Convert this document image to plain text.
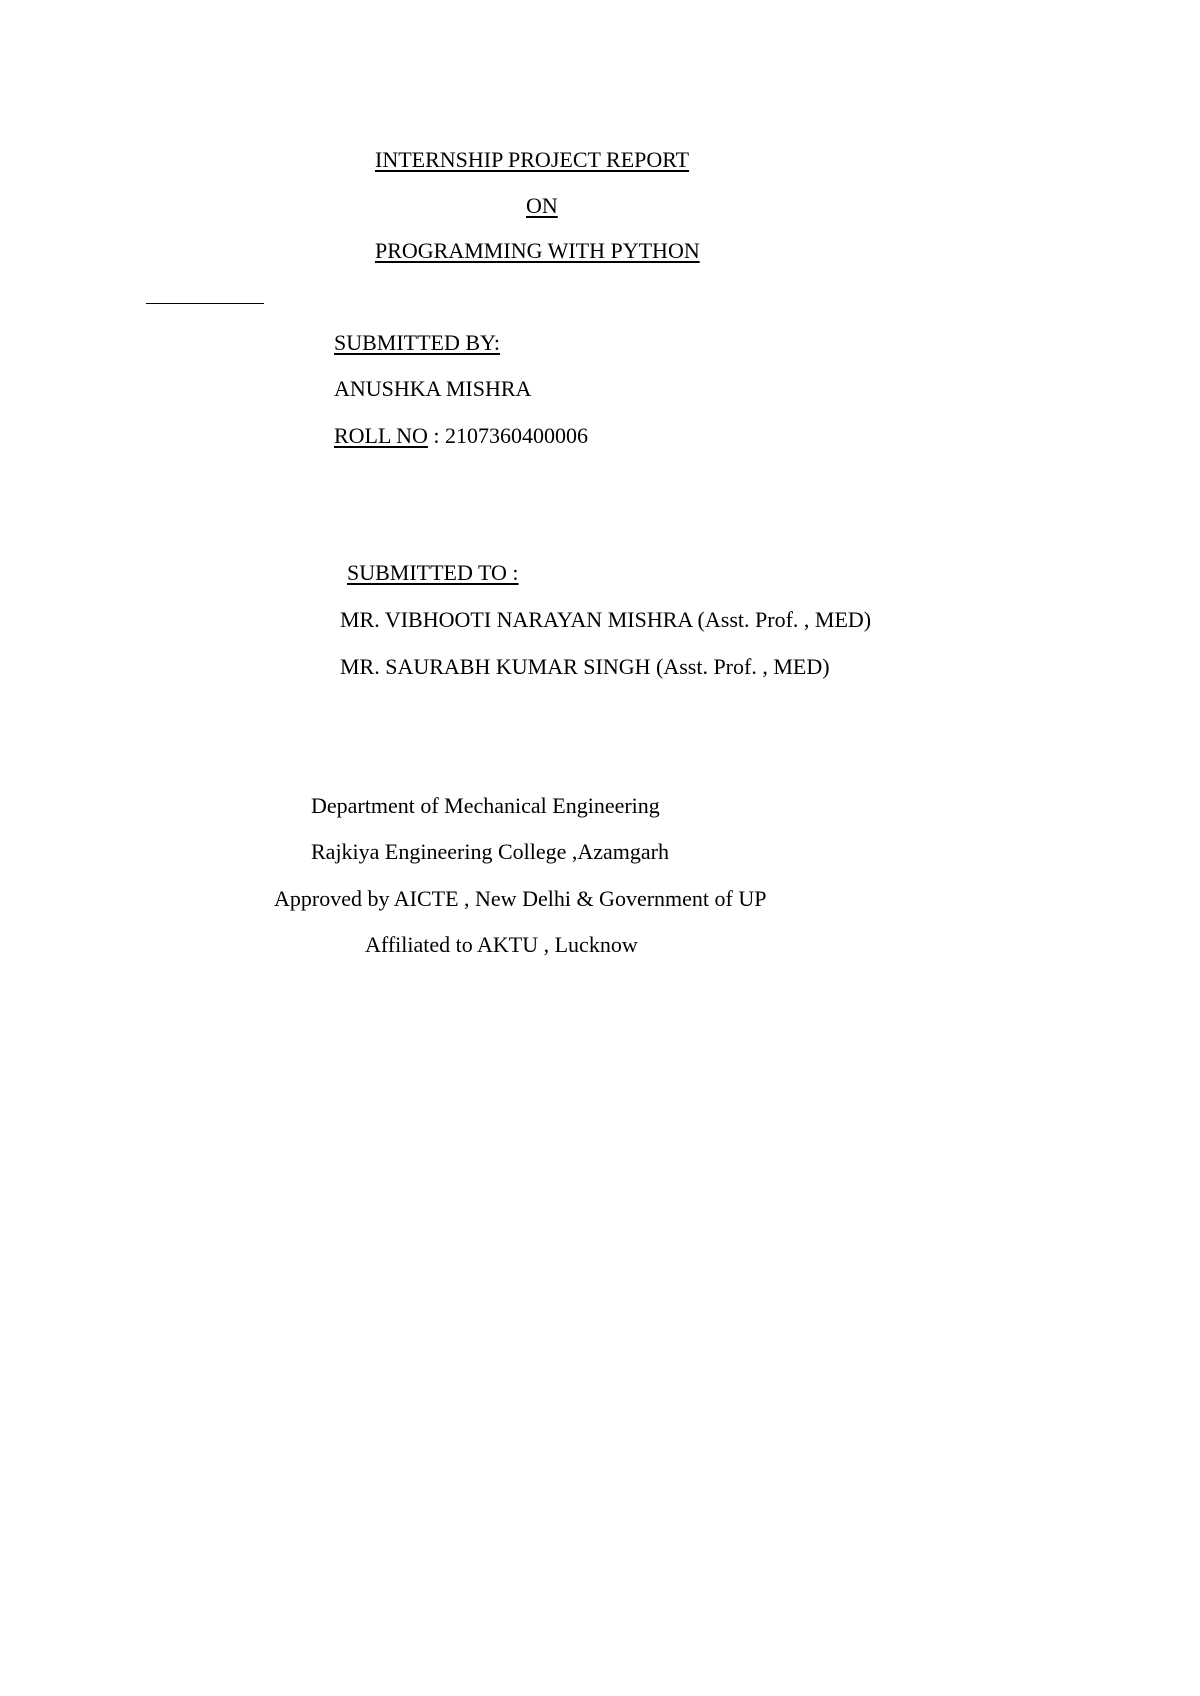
INTERNSHIP PROJECT REPORT
ON
PROGRAMMING WITH PYTHON
SUBMITTED BY:
ANUSHKA MISHRA
ROLL NO : 2107360400006
SUBMITTED TO :
MR. VIBHOOTI NARAYAN MISHRA (Asst. Prof. , MED)
MR. SAURABH KUMAR SINGH (Asst. Prof. , MED)
Department of Mechanical Engineering
Rajkiya Engineering College ,Azamgarh
Approved by AICTE , New Delhi & Government of UP
Affiliated to AKTU , Lucknow
